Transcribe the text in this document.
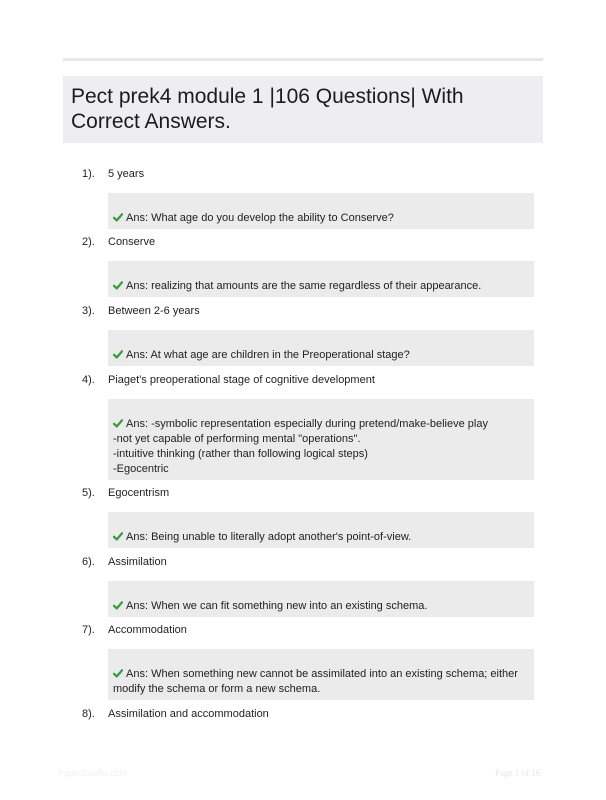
Pect prek4 module 1 |106 Questions| With Correct Answers.
1). 5 years

Ans: What age do you develop the ability to Conserve?

2). Conserve

Ans: realizing that amounts are the same regardless of their appearance.

3). Between 2-6 years

Ans: At what age are children in the Preoperational stage?

4). Piaget's preoperational stage of cognitive development

Ans: -symbolic representation especially during pretend/make-believe play
-not yet capable of performing mental "operations".
-intuitive thinking (rather than following logical steps)
-Egocentric

5). Egocentrism

Ans: Being unable to literally adopt another's point-of-view.

6). Assimilation

Ans: When we can fit something new into an existing schema.

7). Accommodation

Ans: When something new cannot be assimilated into an existing schema; either
modify the schema or form a new schema.

8). Assimilation and accommodation
PaperStudio.com	Page 1 of 16
